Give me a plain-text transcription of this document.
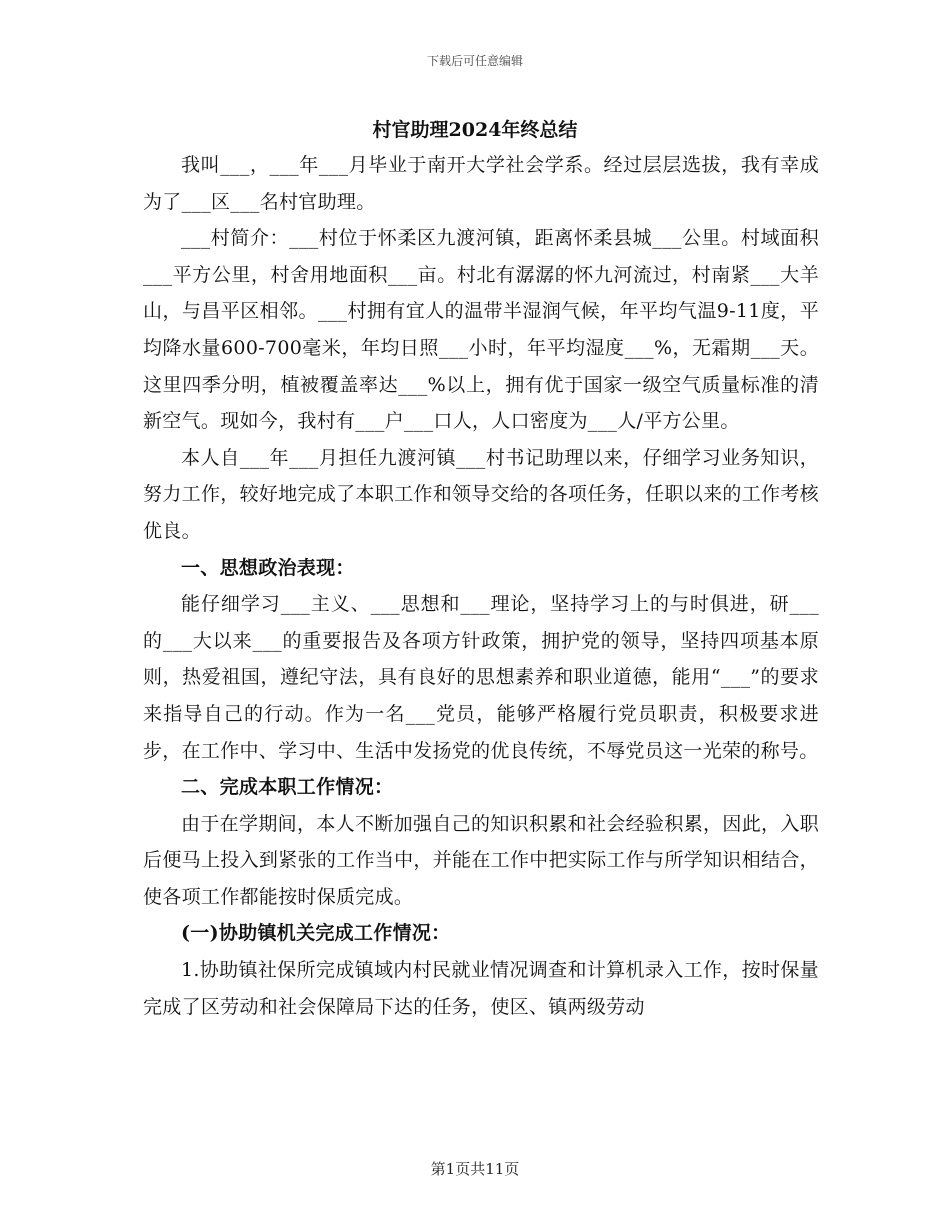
下载后可任意编辑
村官助理2024年终总结

我叫___，___年___月毕业于南开大学社会学系。经过层层选拔，我有幸成为了___区___名村官助理。

___村简介：___村位于怀柔区九渡河镇，距离怀柔县城___公里。村域面积___平方公里，村舍用地面积___亩。村北有潺潺的怀九河流过，村南紧___大羊山，与昌平区相邻。___村拥有宜人的温带半湿润气候，年平均气温9-11度，平均降水量600-700毫米，年均日照___小时，年平均湿度___%，无霜期___天。这里四季分明，植被覆盖率达___%以上，拥有优于国家一级空气质量标准的清新空气。现如今，我村有___户___口人，人口密度为___人/平方公里。

本人自___年___月担任九渡河镇___村书记助理以来，仔细学习业务知识，努力工作，较好地完成了本职工作和领导交给的各项任务，任职以来的工作考核优良。

一、思想政治表现：

能仔细学习___主义、___思想和___理论，坚持学习上的与时俱进，研___的___大以来___的重要报告及各项方针政策，拥护党的领导，坚持四项基本原则，热爱祖国，遵纪守法，具有良好的思想素养和职业道德，能用“___”的要求来指导自己的行动。作为一名___党员，能够严格履行党员职责，积极要求进步，在工作中、学习中、生活中发扬党的优良传统，不辱党员这一光荣的称号。

二、完成本职工作情况：

由于在学期间，本人不断加强自己的知识积累和社会经验积累，因此，入职后便马上投入到紧张的工作当中，并能在工作中把实际工作与所学知识相结合，使各项工作都能按时保质完成。

(一)协助镇机关完成工作情况：

1.协助镇社保所完成镇域内村民就业情况调查和计算机录入工作，按时保量完成了区劳动和社会保障局下达的任务，使区、镇两级劳动

第1页共11页
